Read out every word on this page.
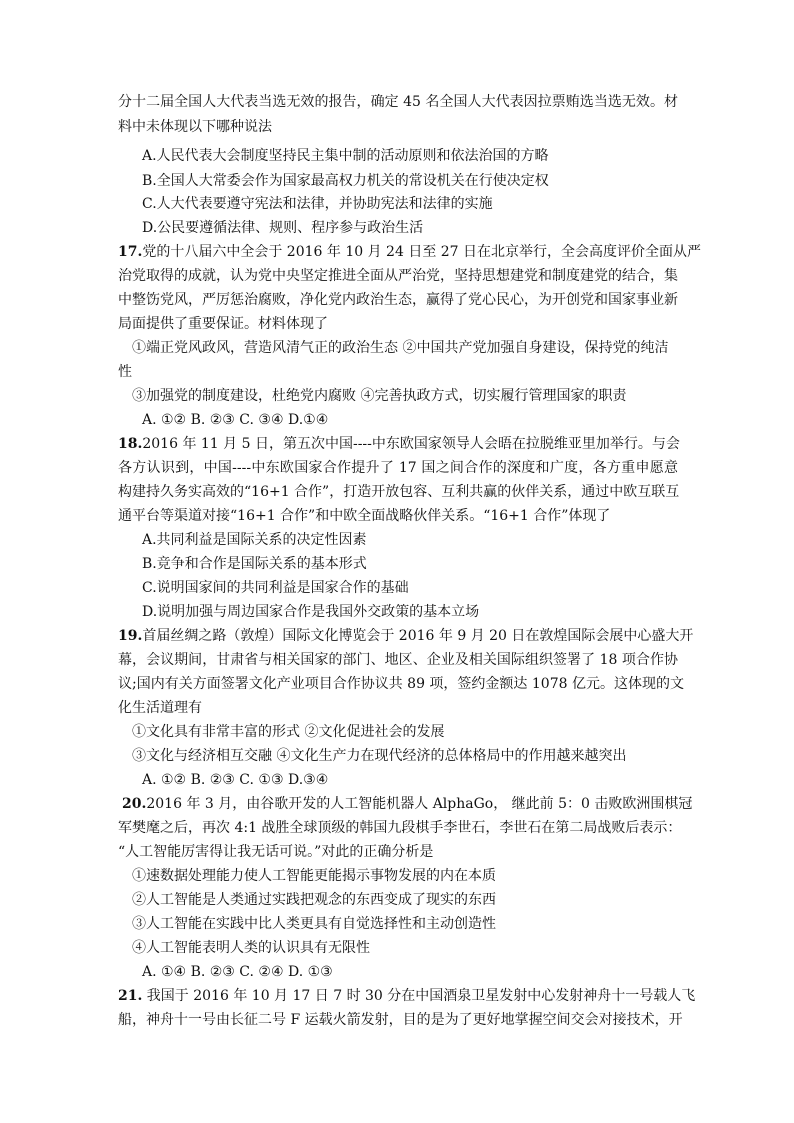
分十二届全国人大代表当选无效的报告，确定 45 名全国人大代表因拉票贿选当选无效。材
料中未体现以下哪种说法
A.人民代表大会制度坚持民主集中制的活动原则和依法治国的方略
B.全国人大常委会作为国家最高权力机关的常设机关在行使决定权
C.人大代表要遵守宪法和法律，并协助宪法和法律的实施
D.公民要遵循法律、规则、程序参与政治生活
17.党的十八届六中全会于 2016 年 10 月 24 日至 27 日在北京举行，全会高度评价全面从严
治党取得的成就，认为党中央坚定推进全面从严治党，坚持思想建党和制度建党的结合，集
中整饬党风，严厉惩治腐败，净化党内政治生态，赢得了党心民心，为开创党和国家事业新
局面提供了重要保证。材料体现了
①端正党风政风，营造风清气正的政治生态 ②中国共产党加强自身建设，保持党的纯洁
性
③加强党的制度建设，杜绝党内腐败 ④完善执政方式，切实履行管理国家的职责
A. ①② B. ②③ C. ③④ D.①④
18.2016 年 11 月 5 日，第五次中国----中东欧国家领导人会晤在拉脱维亚里加举行。与会
各方认识到，中国----中东欧国家合作提升了 17 国之间合作的深度和广度，各方重申愿意
构建持久务实高效的“16+1 合作”，打造开放包容、互利共赢的伙伴关系，通过中欧互联互
通平台等渠道对接“16+1 合作”和中欧全面战略伙伴关系。“16+1 合作”体现了
A.共同利益是国际关系的决定性因素
B.竞争和合作是国际关系的基本形式
C.说明国家间的共同利益是国家合作的基础
D.说明加强与周边国家合作是我国外交政策的基本立场
19.首届丝绸之路（敦煌）国际文化博览会于 2016 年 9 月 20 日在敦煌国际会展中心盛大开
幕，会议期间，甘肃省与相关国家的部门、地区、企业及相关国际组织签署了 18 项合作协
议;国内有关方面签署文化产业项目合作协议共 89 项，签约金额达 1078 亿元。这体现的文
化生活道理有
①文化具有非常丰富的形式 ②文化促进社会的发展
③文化与经济相互交融 ④文化生产力在现代经济的总体格局中的作用越来越突出
A. ①② B. ②③ C. ①③ D.③④
20.2016 年 3 月，由谷歌开发的人工智能机器人 AlphaGo， 继此前 5：0 击败欧洲围棋冠
军樊麾之后，再次 4:1 战胜全球顶级的韩国九段棋手李世石，李世石在第二局战败后表示：
“人工智能厉害得让我无话可说。”对此的正确分析是
①速数据处理能力使人工智能更能揭示事物发展的内在本质
②人工智能是人类通过实践把观念的东西变成了现实的东西
③人工智能在实践中比人类更具有自觉选择性和主动创造性
④人工智能表明人类的认识具有无限性
A. ①④ B. ②③ C. ②④ D. ①③
21. 我国于 2016 年 10 月 17 日 7 时 30 分在中国酒泉卫星发射中心发射神舟十一号载人飞
船，神舟十一号由长征二号 F 运载火箭发射，目的是为了更好地掌握空间交会对接技术，开
